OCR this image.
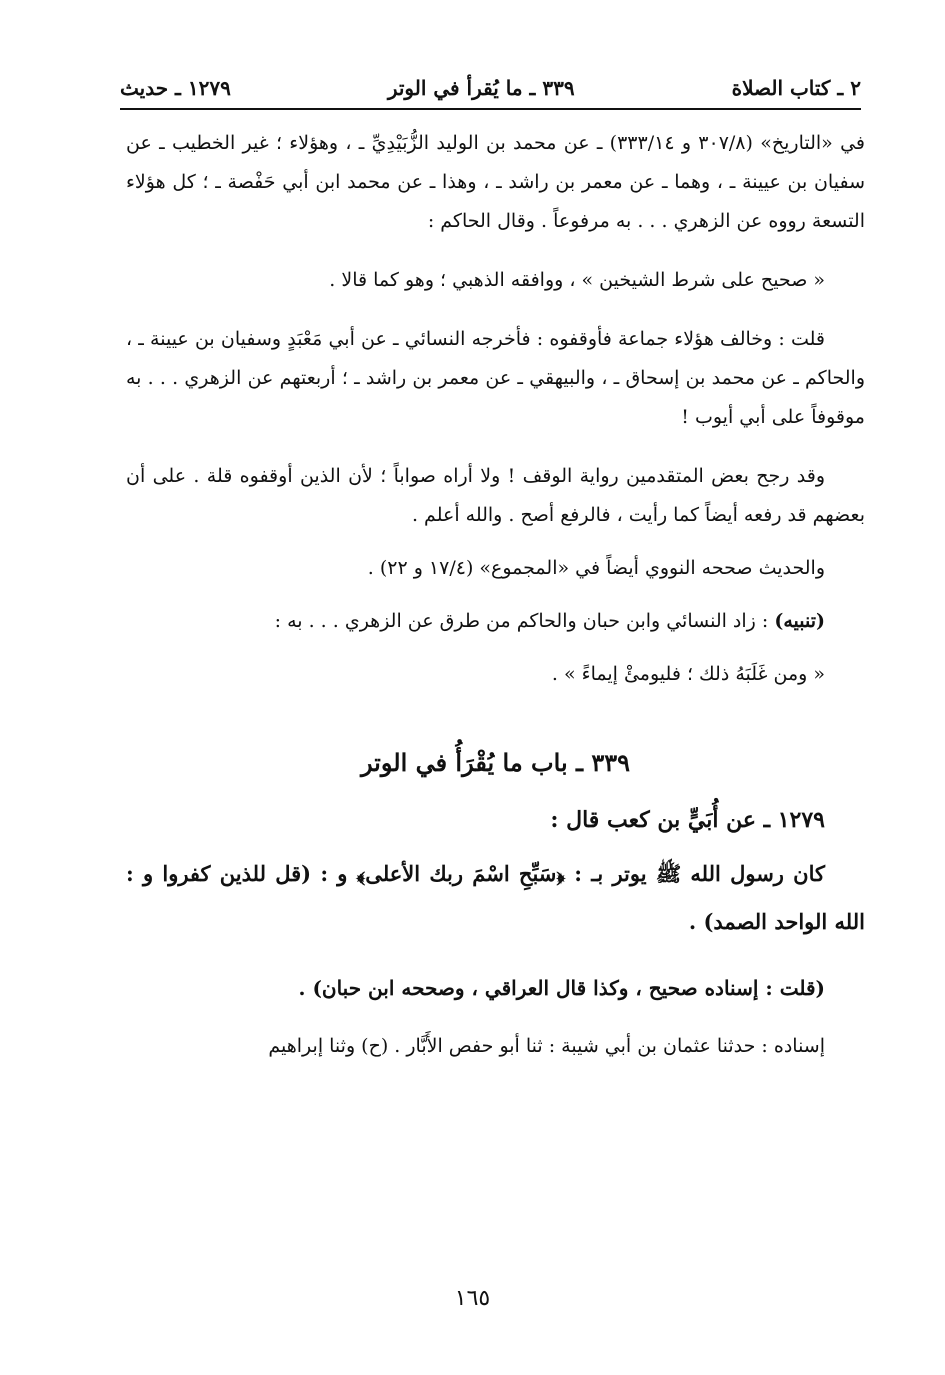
٢ ـ كتاب الصلاة
٣٣٩ ـ ما يُقرأ في الوتر
١٢٧٩ ـ حديث

في «التاريخ» (٣٠٧/٨ و ٣٣٣/١٤) ـ عن محمد بن الوليد الزُّبَيْدِيِّ ـ ، وهؤلاء ؛ غير الخطيب ـ عن سفيان بن عيينة ـ ، وهما ـ عن معمر بن راشد ـ ، وهذا ـ عن محمد ابن أبي حَفْصة ـ ؛ كل هؤلاء التسعة رووه عن الزهري . . . به مرفوعاً . وقال الحاكم :

« صحيح على شرط الشيخين » ، ووافقه الذهبي ؛ وهو كما قالا .

قلت : وخالف هؤلاء جماعة فأوقفوه : فأخرجه النسائي ـ عن أبي مَعْبَدٍ وسفيان بن عيينة ـ ، والحاكم ـ عن محمد بن إسحاق ـ ، والبيهقي ـ عن معمر بن راشد ـ ؛ أربعتهم عن الزهري . . . به موقوفاً على أبي أيوب !

وقد رجح بعض المتقدمين رواية الوقف ! ولا أراه صواباً ؛ لأن الذين أوقفوه قلة . على أن بعضهم قد رفعه أيضاً كما رأيت ، فالرفع أصح . والله أعلم .

والحديث صححه النووي أيضاً في «المجموع» (١٧/٤ و ٢٢) .

(تنبيه) : زاد النسائي وابن حبان والحاكم من طرق عن الزهري . . . به :

« ومن غَلَبَهُ ذلك ؛ فليومئْ إيماءً » .

٣٣٩ ـ باب ما يُقْرَأُ في الوتر

١٢٧٩ ـ عن أُبَيٍّ بن كعب قال :

كان رسول الله ﷺ يوتر بـ : ﴿سَبِّحِ اسْمَ ربك الأعلى﴾ و : (قل للذين كفروا و : الله الواحد الصمد) .

(قلت : إسناده صحيح ، وكذا قال العراقي ، وصححه ابن حبان) .

إسناده : حدثنا عثمان بن أبي شيبة : ثنا أبو حفص الأَبَّار . (ح) وثنا إبراهيم

١٦٥
